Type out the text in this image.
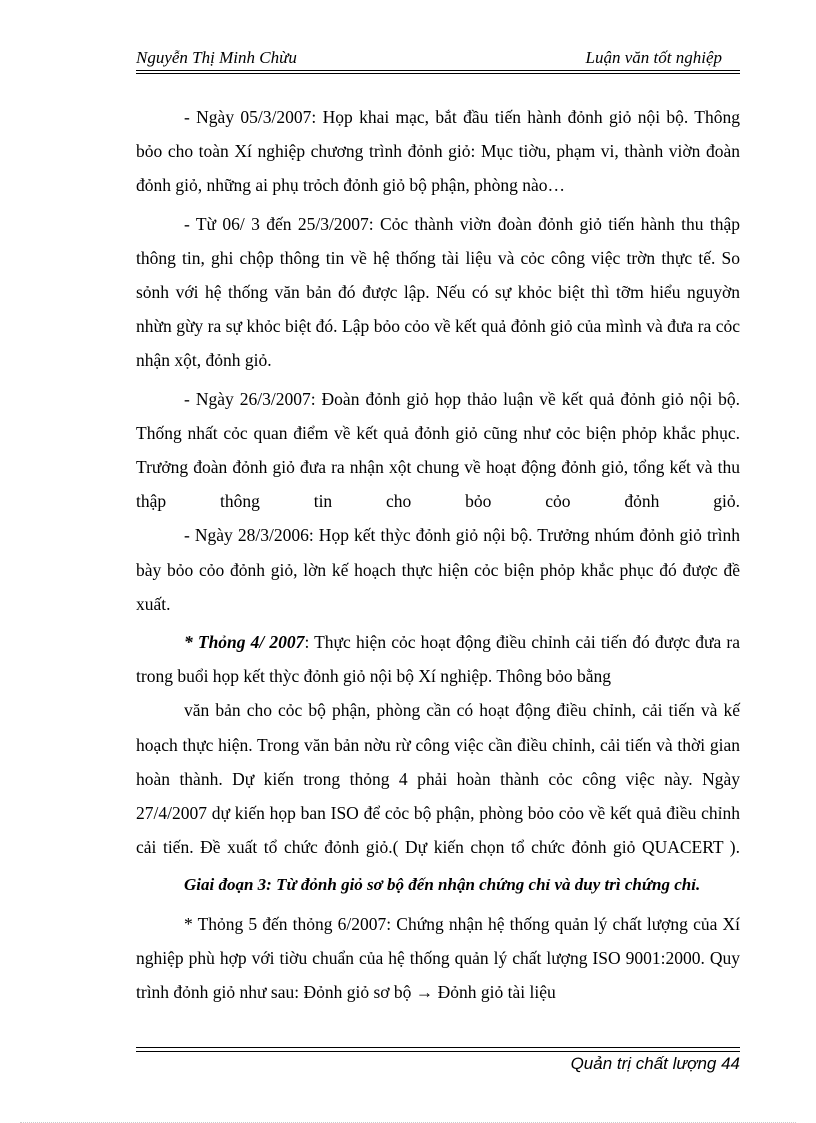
Nguyễn Thị Minh Chừu	Luận văn tốt nghiệp

- Ngày 05/3/2007: Họp khai mạc, bắt đầu tiến hành đỏnh giỏ nội bộ. Thông bỏo cho toàn Xí nghiệp chương trình đỏnh giỏ: Mục tiờu, phạm vi, thành viờn đoàn đỏnh giỏ, những ai phụ trỏch đỏnh giỏ bộ phận, phòng nào…

- Từ 06/ 3 đến 25/3/2007: Cỏc thành viờn đoàn đỏnh giỏ tiến hành thu thập thông tin, ghi chộp thông tin về hệ thống tài liệu và cỏc công việc trờn thực tế. So sỏnh với hệ thống văn bản đó được lập. Nếu có sự khỏc biệt thì tỡm hiểu nguyờn nhừn gừy ra sự khỏc biệt đó. Lập bỏo cỏo về kết quả đỏnh giỏ của mình và đưa ra cỏc nhận xột, đỏnh giỏ.

- Ngày 26/3/2007: Đoàn đỏnh giỏ họp thảo luận về kết quả đỏnh giỏ nội bộ. Thống nhất cỏc quan điểm về kết quả đỏnh giỏ cũng như cỏc biện phỏp khắc phục. Trưởng đoàn đỏnh giỏ đưa ra nhận xột chung về hoạt động đỏnh giỏ, tổng kết và thu thập thông tin cho bỏo cỏo đỏnh giỏ.

- Ngày 28/3/2006: Họp kết thỳc đỏnh giỏ nội bộ. Trưởng nhúm đỏnh giỏ trình bày bỏo cỏo đỏnh giỏ, lờn kế hoạch thực hiện cỏc biện phỏp khắc phục đó được đề xuất.

* Thỏng 4/ 2007: Thực hiện cỏc hoạt động điều chỉnh cải tiến đó được đưa ra trong buổi họp kết thỳc đỏnh giỏ nội bộ Xí nghiệp. Thông bỏo bằng

văn bản cho cỏc bộ phận, phòng cần có hoạt động điều chỉnh, cải tiến và kế hoạch thực hiện. Trong văn bản nờu rừ công việc cần điều chỉnh, cải tiến và thời gian hoàn thành. Dự kiến trong thỏng 4 phải hoàn thành cỏc công việc này. Ngày 27/4/2007 dự kiến họp ban ISO để cỏc bộ phận, phòng bỏo cỏo về kết quả điều chỉnh cải tiến. Đề xuất tổ chức đỏnh giỏ.( Dự kiến chọn tổ chức đỏnh giỏ QUACERT ).

Giai đoạn 3: Từ đỏnh giỏ sơ bộ đến nhận chứng chỉ và duy trì chứng chỉ.

* Thỏng 5 đến thỏng 6/2007: Chứng nhận hệ thống quản lý chất lượng của Xí nghiệp phù hợp với tiờu chuẩn của hệ thống quản lý chất lượng ISO 9001:2000. Quy trình đỏnh giỏ như sau: Đỏnh giỏ sơ bộ → Đỏnh giỏ tài liệu

Quản trị chất lượng 44
